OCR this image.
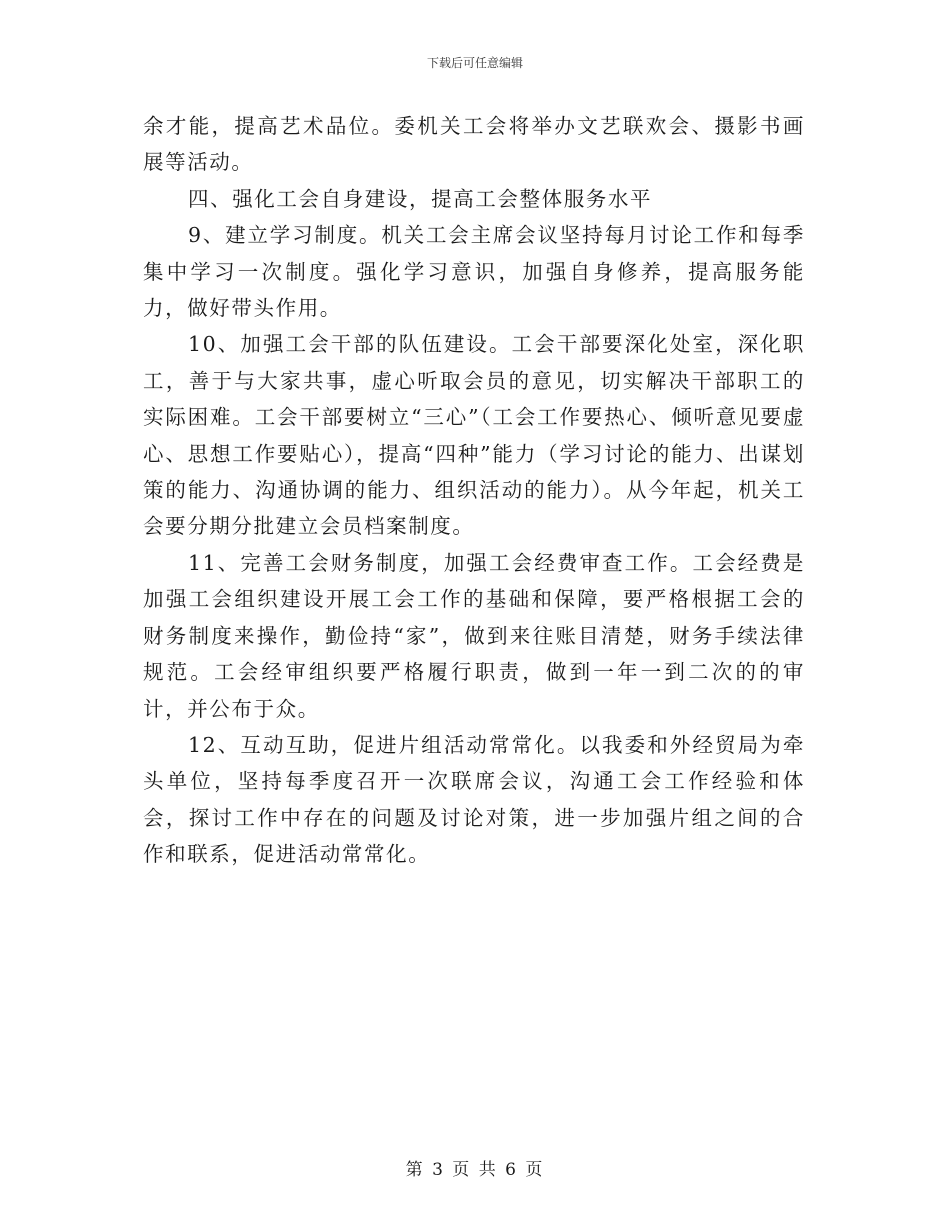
下载后可任意编辑

余才能，提高艺术品位。委机关工会将举办文艺联欢会、摄影书画展等活动。

四、强化工会自身建设，提高工会整体服务水平

9、建立学习制度。机关工会主席会议坚持每月讨论工作和每季集中学习一次制度。强化学习意识，加强自身修养，提高服务能力，做好带头作用。

10、加强工会干部的队伍建设。工会干部要深化处室，深化职工，善于与大家共事，虚心听取会员的意见，切实解决干部职工的实际困难。工会干部要树立“三心”（工会工作要热心、倾听意见要虚心、思想工作要贴心），提高“四种”能力（学习讨论的能力、出谋划策的能力、沟通协调的能力、组织活动的能力）。从今年起，机关工会要分期分批建立会员档案制度。

11、完善工会财务制度，加强工会经费审查工作。工会经费是加强工会组织建设开展工会工作的基础和保障，要严格根据工会的财务制度来操作，勤俭持“家”，做到来往账目清楚，财务手续法律规范。工会经审组织要严格履行职责，做到一年一到二次的的审计，并公布于众。

12、互动互助，促进片组活动常常化。以我委和外经贸局为牵头单位，坚持每季度召开一次联席会议，沟通工会工作经验和体会，探讨工作中存在的问题及讨论对策，进一步加强片组之间的合作和联系，促进活动常常化。

第 3 页 共 6 页
